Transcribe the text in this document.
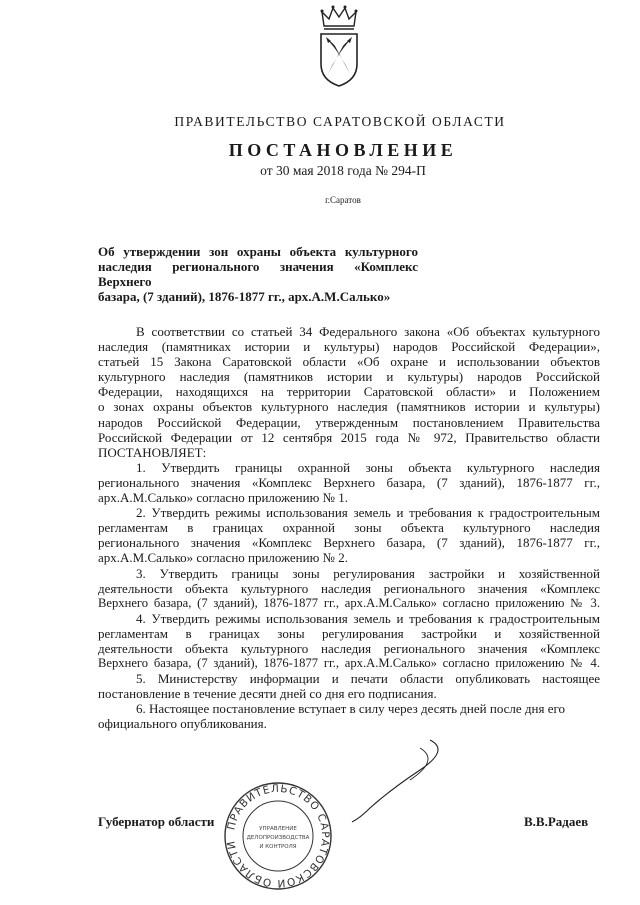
ПРАВИТЕЛЬСТВО САРАТОВСКОЙ ОБЛАСТИ
ПОСТАНОВЛЕНИЕ
от 30 мая 2018 года № 294-П
г.Саратов
Об утверждении зон охраны объекта культурного
наследия регионального значения «Комплекс Верхнего
базара, (7 зданий), 1876-1877 гг., арх.А.М.Салько»
В соответствии со статьей 34 Федерального закона «Об объектах культурного
наследия (памятниках истории и культуры) народов Российской Федерации»,
статьей 15 Закона Саратовской области «Об охране и использовании объектов
культурного наследия (памятников истории и культуры) народов Российской
Федерации, находящихся на территории Саратовской области» и Положением
о зонах охраны объектов культурного наследия (памятников истории и культуры)
народов Российской Федерации, утвержденным постановлением Правительства
Российской Федерации от 12 сентября 2015 года № 972, Правительство области
ПОСТАНОВЛЯЕТ:
1. Утвердить границы охранной зоны объекта культурного наследия
регионального значения «Комплекс Верхнего базара, (7 зданий), 1876-1877 гг.,
арх.А.М.Салько» согласно приложению № 1.
2. Утвердить режимы использования земель и требования к градостроительным
регламентам в границах охранной зоны объекта культурного наследия
регионального значения «Комплекс Верхнего базара, (7 зданий), 1876-1877 гг.,
арх.А.М.Салько» согласно приложению № 2.
3. Утвердить границы зоны регулирования застройки и хозяйственной
деятельности объекта культурного наследия регионального значения «Комплекс
Верхнего базара, (7 зданий), 1876-1877 гг., арх.А.М.Салько» согласно приложению № 3.
4. Утвердить режимы использования земель и требования к градостроительным
регламентам в границах зоны регулирования застройки и хозяйственной
деятельности объекта культурного наследия регионального значения «Комплекс
Верхнего базара, (7 зданий), 1876-1877 гг., арх.А.М.Салько» согласно приложению № 4.
5. Министерству информации и печати области опубликовать настоящее
постановление в течение десяти дней со дня его подписания.
6. Настоящее постановление вступает в силу через десять дней после дня его
официального опубликования.
ПРАВИТЕЛЬСТВО САРАТОВСКОЙ ОБЛАСТИ
УПРАВЛЕНИЕ
ДЕЛОПРОИЗВОДСТВА
И КОНТРОЛЯ
Губернатор области	В.В.Радаев
